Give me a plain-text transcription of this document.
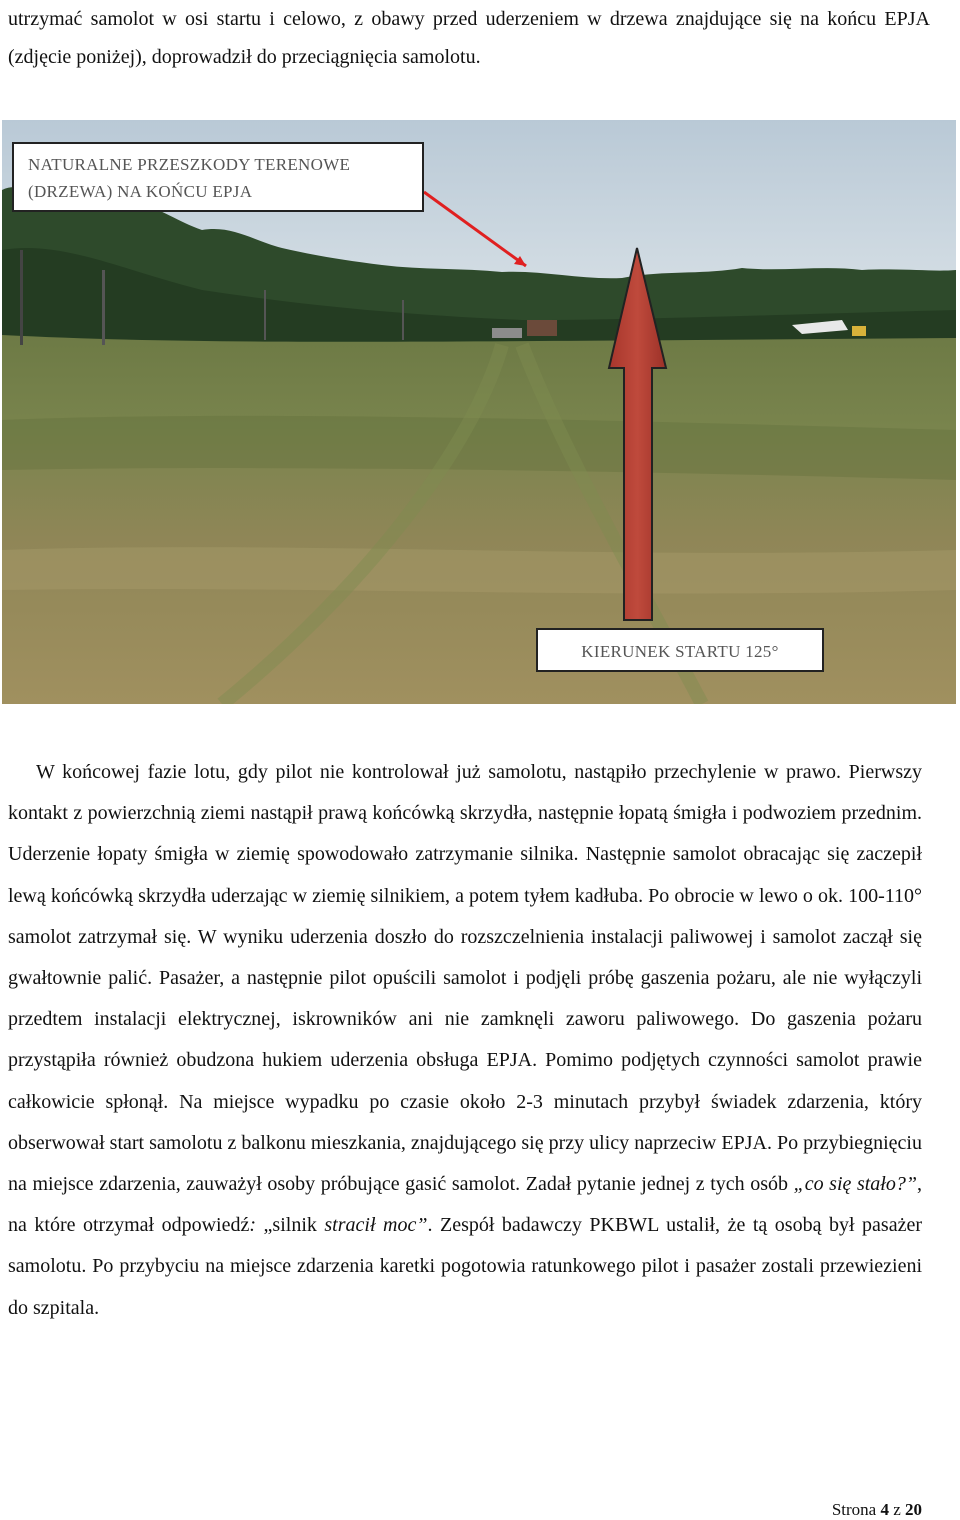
utrzymać samolot w osi startu i celowo, z obawy przed uderzeniem w drzewa znajdujące się na końcu EPJA (zdjęcie poniżej), doprowadził do przeciągnięcia samolotu.

NATURALNE PRZESZKODY TERENOWE
(DRZEWA) NA KOŃCU EPJA
KIERUNEK STARTU 125°

W końcowej fazie lotu, gdy pilot nie kontrolował już samolotu, nastąpiło przechylenie w prawo. Pierwszy kontakt z powierzchnią ziemi nastąpił prawą końcówką skrzydła, następnie łopatą śmigła i podwoziem przednim. Uderzenie łopaty śmigła w ziemię spowodowało zatrzymanie silnika. Następnie samolot obracając się zaczepił lewą końcówką skrzydła uderzając w ziemię silnikiem, a potem tyłem kadłuba. Po obrocie w lewo o ok. 100-110° samolot zatrzymał się. W wyniku uderzenia doszło do rozszczelnienia instalacji paliwowej i samolot zaczął się gwałtownie palić. Pasażer, a następnie pilot opuścili samolot i podjęli próbę gaszenia pożaru, ale nie wyłączyli przedtem instalacji elektrycznej, iskrowników ani nie zamknęli zaworu paliwowego. Do gaszenia pożaru przystąpiła również obudzona hukiem uderzenia obsługa EPJA. Pomimo podjętych czynności samolot prawie całkowicie spłonął. Na miejsce wypadku po czasie około 2-3 minutach przybył świadek zdarzenia, który obserwował start samolotu z balkonu mieszkania, znajdującego się przy ulicy naprzeciw EPJA. Po przybiegnięciu na miejsce zdarzenia, zauważył osoby próbujące gasić samolot. Zadał pytanie jednej z tych osób „co się stało?”, na które otrzymał odpowiedź: „silnik stracił moc”. Zespół badawczy PKBWL ustalił, że tą osobą był pasażer samolotu. Po przybyciu na miejsce zdarzenia karetki pogotowia ratunkowego pilot i pasażer zostali przewiezieni do szpitala.

Strona 4 z 20
